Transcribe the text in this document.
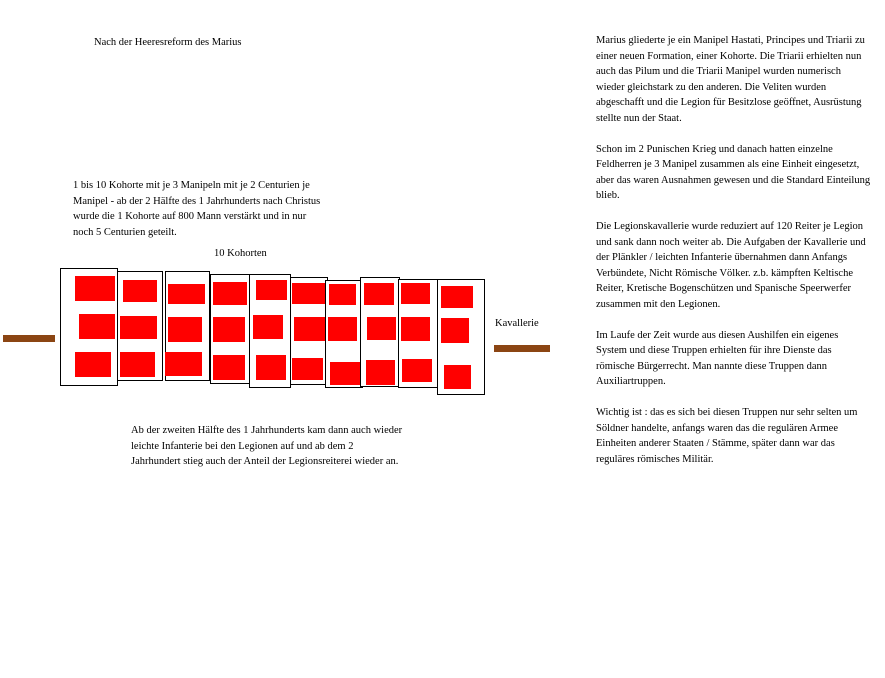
Nach der Heeresreform des Marius
1 bis 10 Kohorte mit je 3 Manipeln mit je 2 Centurien je
Manipel - ab der 2 Hälfte des 1 Jahrhunderts nach Christus
wurde die 1 Kohorte auf 800 Mann verstärkt und in nur
noch 5 Centurien geteilt.
10 Kohorten
Kavallerie
Ab der zweiten Hälfte des 1 Jahrhunderts kam dann auch wieder
leichte Infanterie bei den Legionen auf und ab dem 2
Jahrhundert stieg auch der Anteil der Legionsreiterei wieder an.

Marius gliederte je ein Manipel Hastati, Principes und Triarii zu einer neuen Formation, einer Kohorte. Die Triarii erhielten nun auch das Pilum und die Triarii Manipel wurden numerisch wieder gleichstark zu den anderen. Die Veliten wurden abgeschafft und die Legion für Besitzlose geöffnet, Ausrüstung stellte nun der Staat.

Schon im 2 Punischen Krieg und danach hatten einzelne Feldherren je 3 Manipel zusammen als eine Einheit eingesetzt, aber das waren Ausnahmen gewesen und die Standard Einteilung blieb.

Die Legionskavallerie wurde reduziert auf 120 Reiter je Legion und sank dann noch weiter ab. Die Aufgaben der Kavallerie und der Plänkler / leichten Infanterie übernahmen dann Anfangs Verbündete, Nicht Römische Völker. z.b. kämpften Keltische Reiter, Kretische Bogenschützen und Spanische Speerwerfer zusammen mit den Legionen.

Im Laufe der Zeit wurde aus diesen Aushilfen ein eigenes System und diese Truppen erhielten für ihre Dienste das römische Bürgerrecht. Man nannte diese Truppen dann Auxiliartruppen.

Wichtig ist : das es sich bei diesen Truppen nur sehr selten um Söldner handelte, anfangs waren das die regulären Armee Einheiten anderer Staaten / Stämme, später dann war das reguläres römisches Militär.
